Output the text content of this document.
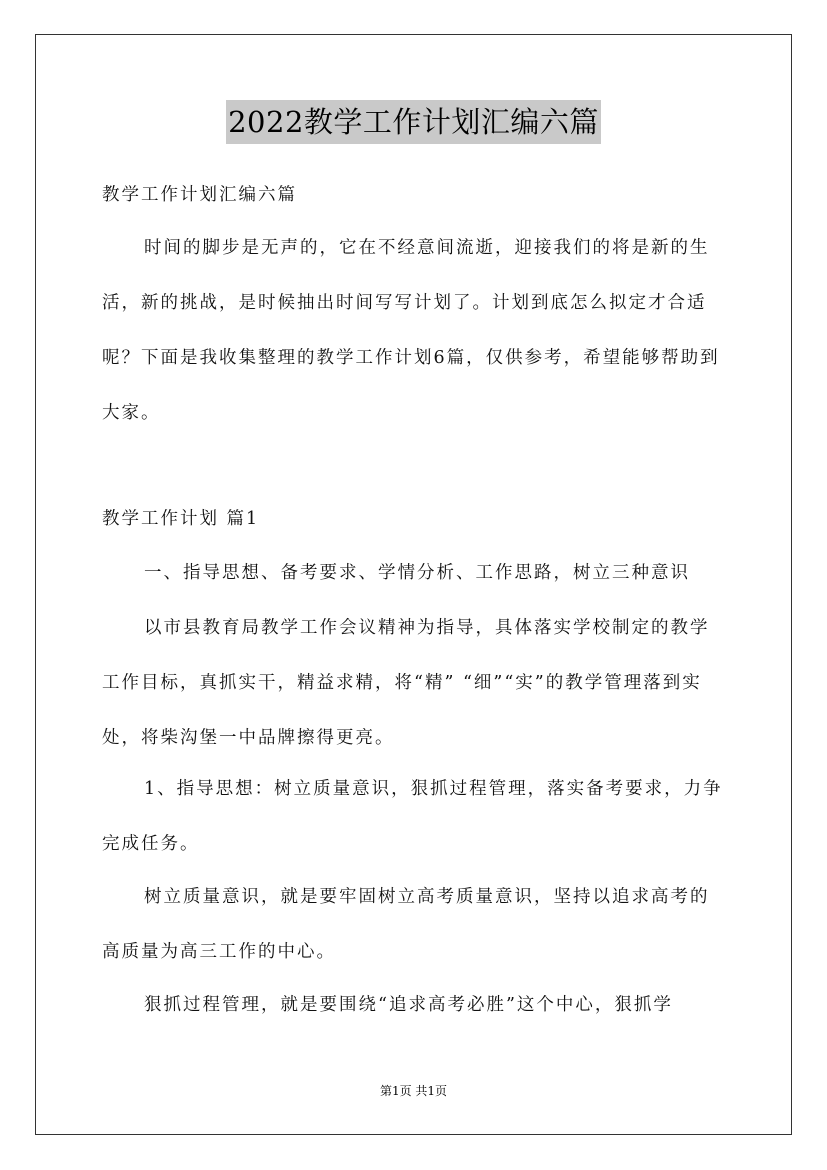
2022教学工作计划汇编六篇

教学工作计划汇编六篇

时间的脚步是无声的，它在不经意间流逝，迎接我们的将是新的生活，新的挑战，是时候抽出时间写写计划了。计划到底怎么拟定才合适呢？下面是我收集整理的教学工作计划6篇，仅供参考，希望能够帮助到大家。

教学工作计划 篇1

一、指导思想、备考要求、学情分析、工作思路，树立三种意识

以市县教育局教学工作会议精神为指导，具体落实学校制定的教学工作目标，真抓实干，精益求精，将“精” “细”“实”的教学管理落到实处，将柴沟堡一中品牌擦得更亮。

1、指导思想：树立质量意识，狠抓过程管理，落实备考要求，力争完成任务。

树立质量意识，就是要牢固树立高考质量意识，坚持以追求高考的高质量为高三工作的中心。

狠抓过程管理，就是要围绕“追求高考必胜”这个中心，狠抓学

第1页 共1页
